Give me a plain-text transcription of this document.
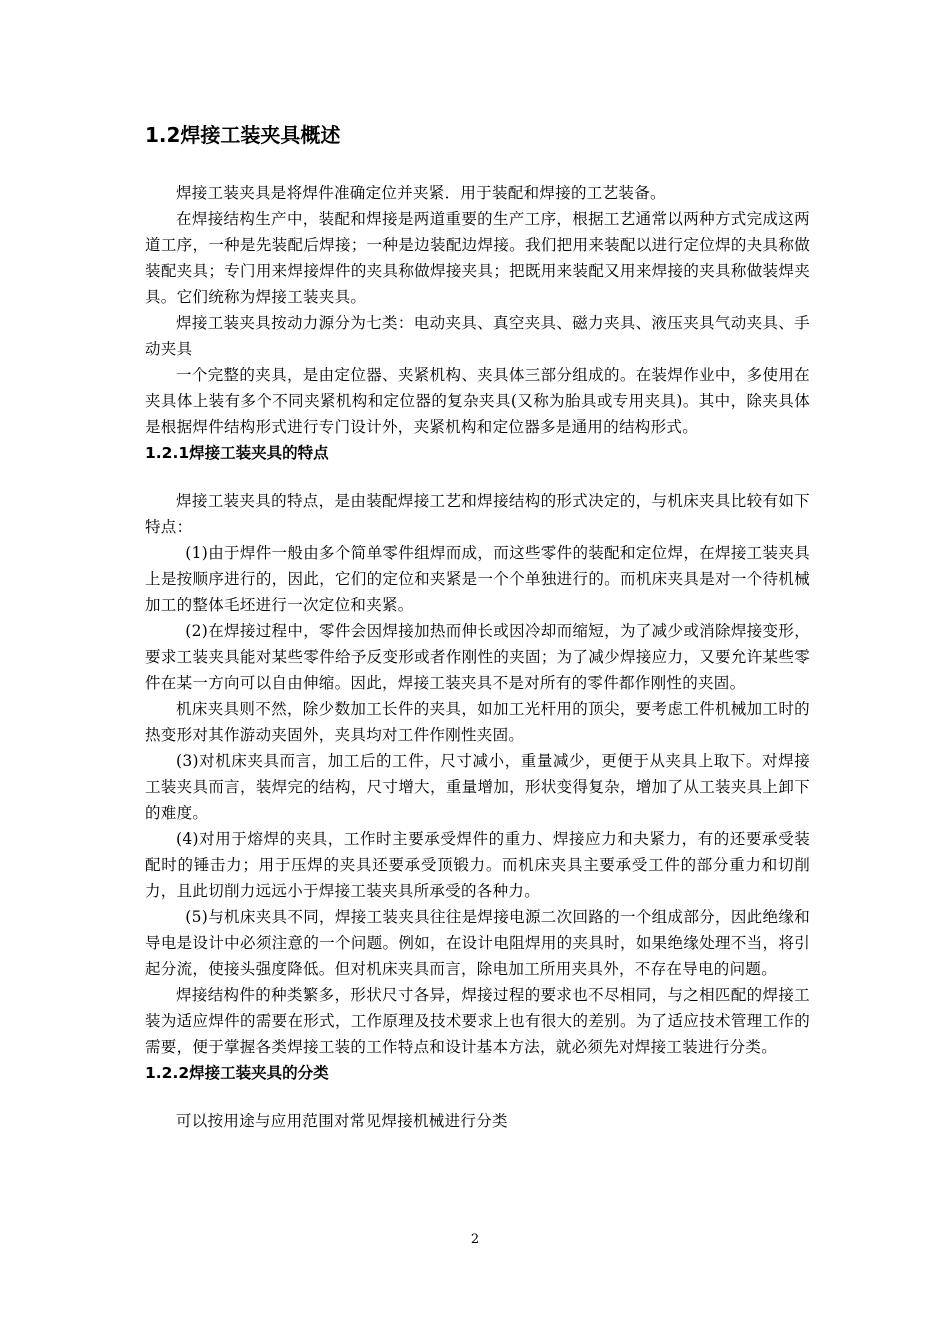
1.2焊接工装夹具概述

焊接工装夹具是将焊件准确定位并夹紧．用于装配和焊接的工艺装备。

在焊接结构生产中，装配和焊接是两道重要的生产工序，根据工艺通常以两种方式完成这两道工序，一种是先装配后焊接；一种是边装配边焊接。我们把用来装配以进行定位焊的夬具称做装配夹具；专门用来焊接焊件的夹具称做焊接夹具；把既用来装配又用来焊接的夹具称做装焊夹具。它们统称为焊接工装夹具。

焊接工装夹具按动力源分为七类：电动夹具、真空夹具、磁力夹具、液压夹具气动夹具、手动夹具

一个完整的夹具，是由定位器、夹紧机构、夹具体三部分组成的。在装焊作业中，多使用在夹具体上装有多个不同夹紧机构和定位器的复杂夹具(又称为胎具或专用夹具)。其中，除夹具体是根据焊件结构形式进行专门设计外，夹紧机构和定位器多是通用的结构形式。

1.2.1焊接工装夹具的特点

焊接工装夹具的特点，是由装配焊接工艺和焊接结构的形式决定的，与机床夹具比较有如下特点：

(1)由于焊件一般由多个简单零件组焊而成，而这些零件的装配和定位焊，在焊接工装夹具上是按顺序进行的，因此，它们的定位和夹紧是一个个单独进行的。而机床夹具是对一个待机械加工的整体毛坯进行一次定位和夹紧。

(2)在焊接过程中，零件会因焊接加热而伸长或因冷却而缩短，为了减少或消除焊接变形，要求工装夹具能对某些零件给予反变形或者作刚性的夹固；为了减少焊接应力，又要允许某些零件在某一方向可以自由伸缩。因此，焊接工装夹具不是对所有的零件都作刚性的夹固。

机床夹具则不然，除少数加工长件的夹具，如加工光杆用的顶尖，要考虑工件机械加工时的热变形对其作游动夹固外，夹具均对工件作刚性夹固。

(3)对机床夹具而言，加工后的工件，尺寸减小，重量减少，更便于从夹具上取下。对焊接工装夹具而言，装焊完的结构，尺寸增大，重量增加，形状变得复杂，增加了从工装夹具上卸下的难度。

(4)对用于熔焊的夹具，工作时主要承受焊件的重力、焊接应力和夬紧力，有的还要承受装配时的锤击力；用于压焊的夹具还要承受顶锻力。而机床夹具主要承受工件的部分重力和切削力，且此切削力远远小于焊接工装夹具所承受的各种力。

(5)与机床夹具不同，焊接工装夹具往往是焊接电源二次回路的一个组成部分，因此绝缘和导电是设计中必须注意的一个问题。例如，在设计电阻焊用的夹具时，如果绝缘处理不当，将引起分流，使接头强度降低。但对机床夹具而言，除电加工所用夹具外，不存在导电的问题。

焊接结构件的种类繁多，形状尺寸各异，焊接过程的要求也不尽相同，与之相匹配的焊接工装为适应焊件的需要在形式，工作原理及技术要求上也有很大的差别。为了适应技术管理工作的需要，便于掌握各类焊接工装的工作特点和设计基本方法，就必须先对焊接工装进行分类。

1.2.2焊接工装夹具的分类

可以按用途与应用范围对常见焊接机械进行分类

2
